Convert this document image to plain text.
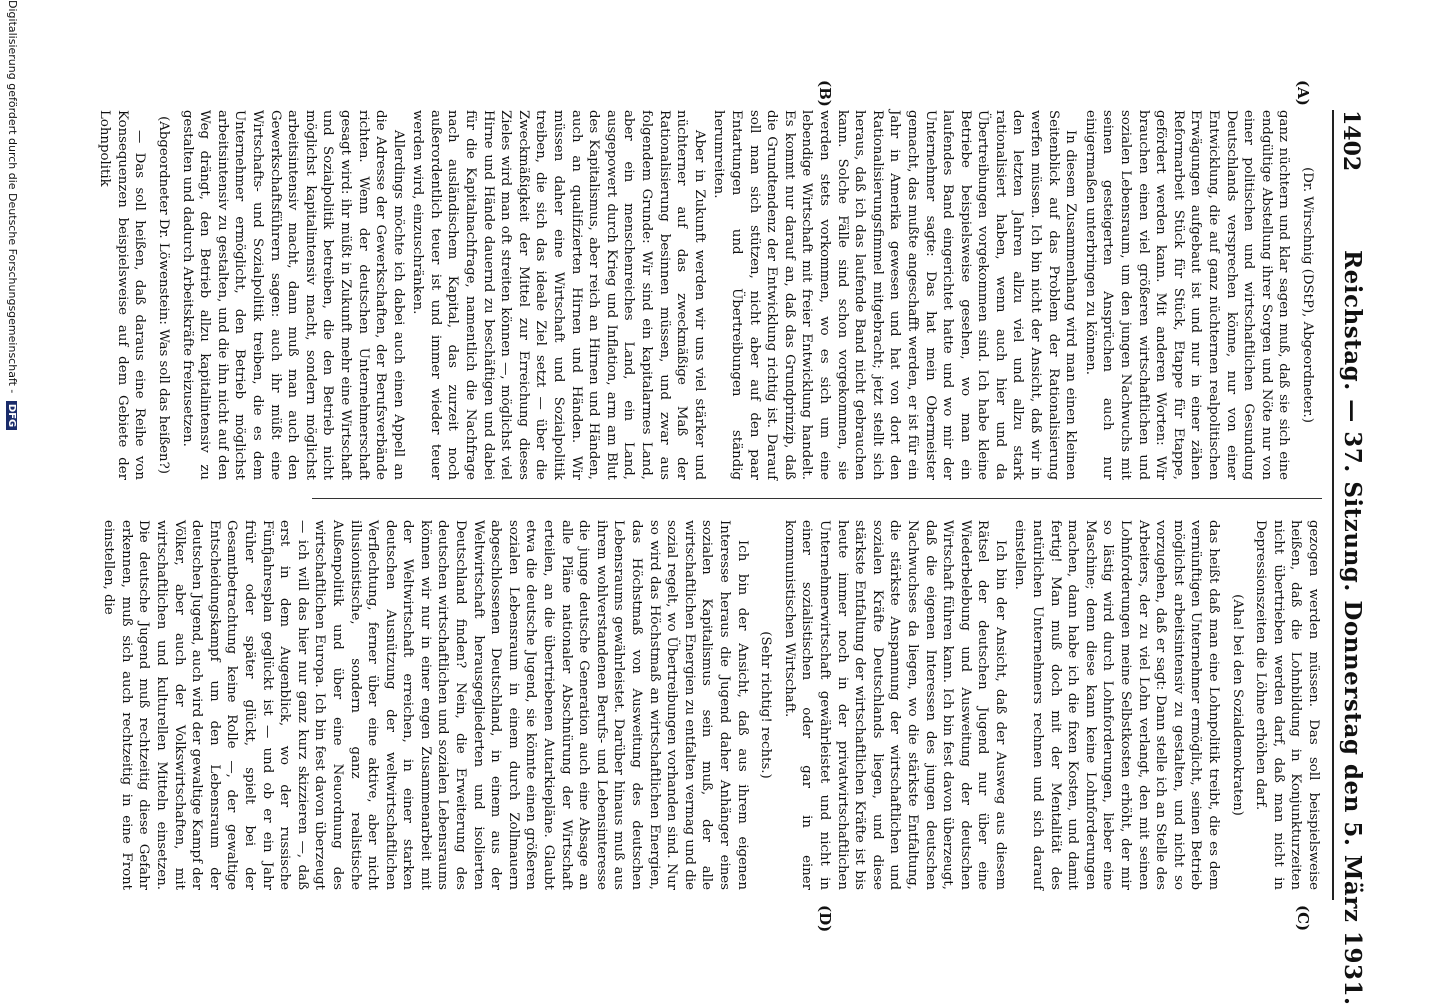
1402
Reichstag. — 37. Sitzung. Donnerstag den 5. März 1931.
(A)
(B)
(C)
(D)

(Dr. Wirschnig (DStP), Abgeordneter.)

ganz nüchtern und klar sagen muß, daß sie sich eine endgültige Abstellung ihrer Sorgen und Nöte nur von einer politischen und wirtschaftlichen Gesundung Deutschlands versprechen könne, nur von einer Entwicklung, die auf ganz nüchternen realpolitischen Erwägungen aufgebaut ist und nur in einer zähen Reformarbeit Stück für Stück, Etappe für Etappe, gefördert werden kann. Mit anderen Worten: Wir brauchen einen viel größeren wirtschaftlichen und sozialen Lebensraum, um den jungen Nachwuchs mit seinen gesteigerten Ansprüchen auch nur einigermaßen unterbringen zu können.

In diesem Zusammenhang wird man einen kleinen Seitenblick auf das Problem der Rationalisierung werfen müssen. Ich bin nicht der Ansicht, daß wir in den letzten Jahren allzu viel und allzu stark rationalisiert haben, wenn auch hier und da Übertreibungen vorgekommen sind. Ich habe kleine Betriebe beispielsweise gesehen, wo man ein laufendes Band eingerichtet hatte und wo mir der Unternehmer sagte: Das hat mein Obermeister gemacht, das mußte angeschafft werden, er ist für ein Jahr in Amerika gewesen und hat von dort den Rationalisierungsfimmel mitgebracht; jetzt stellt sich heraus, daß ich das laufende Band nicht gebrauchen kann. Solche Fälle sind schon vorgekommen, sie werden stets vorkommen, wo es sich um eine lebendige Wirtschaft mit freier Entwicklung handelt. Es kommt nur darauf an, daß das Grundprinzip, daß die Grundtendenz der Entwicklung richtig ist. Darauf soll man sich stützen, nicht aber auf den paar Entartungen und Übertreibungen ständig herumreiten.

Aber in Zukunft werden wir uns viel stärker und nüchterner auf das zweckmäßige Maß der Rationalisierung besinnen müssen, und zwar aus folgendem Grunde: Wir sind ein kapitalarmes Land, aber ein menschenreiches Land, ein Land, ausgepowert durch Krieg und Inflation, arm am Blut des Kapitalismus, aber reich an Hirnen und Händen, auch an qualifizierten Hirnen und Händen. Wir müssen daher eine Wirtschaft und Sozialpolitik treiben, die sich das ideale Ziel setzt — über die Zweckmäßigkeit der Mittel zur Erreichung dieses Zieles wird man oft streiten können —, möglichst viel Hirne und Hände dauernd zu beschäftigen und dabei für die Kapitalnachfrage, namentlich die Nachfrage nach ausländischem Kapital, das zurzeit noch außerordentlich teuer ist und immer wieder teuer werden wird, einzuschränken.

Allerdings möchte ich dabei auch einen Appell an die Adresse der Gewerkschaften, der Berufsverbände richten. Wenn der deutschen Unternehmerschaft gesagt wird: ihr müßt in Zukunft mehr eine Wirtschaft und Sozialpolitik betreiben, die den Betrieb nicht möglichst kapitalintensiv macht, sondern möglichst arbeitsintensiv macht, dann muß man auch den Gewerkschaftsführern sagen: auch ihr müßt eine Wirtschafts- und Sozialpolitik treiben, die es dem Unternehmer ermöglicht, den Betrieb möglichst arbeitsintensiv zu gestalten, und die ihn nicht auf den Weg drängt, den Betrieb allzu kapitalintensiv zu gestalten und dadurch Arbeitskräfte freizusetzen.

(Abgeordneter Dr. Löwenstein: Was soll das heißen?)

— Das soll heißen, daß daraus eine Reihe von Konsequenzen beispielsweise auf dem Gebiete der Lohnpolitik

gezogen werden müssen. Das soll beispielsweise heißen, daß die Lohnbildung in Konjunkturzeiten nicht übertrieben werden darf, daß man nicht in Depressionszeiten die Löhne erhöhen darf.

(Aha! bei den Sozialdemokraten)

das heißt daß man eine Lohnpolitik treibt, die es dem vernünftigen Unternehmer ermöglicht, seinen Betrieb möglichst arbeitsintensiv zu gestalten, und nicht so vorzugehen, daß er sagt: Dann stelle ich an Stelle des Arbeiters, der zu viel Lohn verlangt, den mit seinen Lohnforderungen meine Selbstkosten erhöht, der mir so lästig wird durch Lohnforderungen, lieber eine Maschine; denn diese kann keine Lohnforderungen machen, dann habe ich die fixen Kosten, und damit fertig! Man muß doch mit der Mentalität des natürlichen Unternehmers rechnen und sich darauf einstellen.

Ich bin der Ansicht, daß der Ausweg aus diesem Rätsel der deutschen Jugend nur über eine Wiederbelebung und Ausweitung der deutschen Wirtschaft führen kann. Ich bin fest davon überzeugt, daß die eigenen Interessen des jungen deutschen Nachwuchses da liegen, wo die stärkste Entfaltung, die stärkste Anspannung der wirtschaftlichen und sozialen Kräfte Deutschlands liegen, und diese stärkste Entfaltung der wirtschaftlichen Kräfte ist bis heute immer noch in der privatwirtschaftlichen Unternehmerwirtschaft gewährleistet und nicht in einer sozialistischen oder gar in einer kommunistischen Wirtschaft.

(Sehr richtig! rechts.)

Ich bin der Ansicht, daß aus ihrem eigenen Interesse heraus die Jugend daher Anhänger eines sozialen Kapitalismus sein muß, der alle wirtschaftlichen Energien zu entfalten vermag und die sozial regelt, wo Übertreibungen vorhanden sind. Nur so wird das Höchstmaß an wirtschaftlichen Energien, das Höchstmaß von Ausweitung des deutschen Lebensraums gewährleistet. Darüber hinaus muß aus ihrem wohlverstandenen Berufs- und Lebensinteresse die junge deutsche Generation auch eine Absage an alle Pläne nationaler Abschnürung der Wirtschaft erteilen, an die übertriebenen Autarkiepläne. Glaubt etwa die deutsche Jugend, sie könnte einen größeren sozialen Lebensraum in einem durch Zollmauern abgeschlossenen Deutschland, in einem aus der Weltwirtschaft herausgegliederten und isolierten Deutschland finden? Nein, die Erweiterung des deutschen wirtschaftlichen und sozialen Lebensraums können wir nur in einer engen Zusammenarbeit mit der Weltwirtschaft erreichen, in einer starken deutschen Ausnützung der weltwirtschaftlichen Verflechtung, ferner über eine aktive, aber nicht illusionistische, sondern ganz realistische Außenpolitik und über eine Neuordnung des wirtschaftlichen Europa. Ich bin fest davon überzeugt — ich will das hier nur ganz kurz skizzieren —, daß erst in dem Augenblick, wo der russische Fünfjahresplan geglückt ist — und ob er ein Jahr früher oder später glückt, spielt bei der Gesamtbetrachtung keine Rolle —, der gewaltige Entscheidungskampf um den Lebensraum der deutschen Jugend, auch wird der gewaltige Kampf der Völker, aber auch der Volkswirtschaften, mit wirtschaftlichen und kulturellen Mitteln einsetzen. Die deutsche Jugend muß rechtzeitig diese Gefahr erkennen, muß sich auch rechtzeitig in eine Front einstellen, die

Digitalisierung gefördert durch die Deutsche Forschungsgemeinschaft - DFG
